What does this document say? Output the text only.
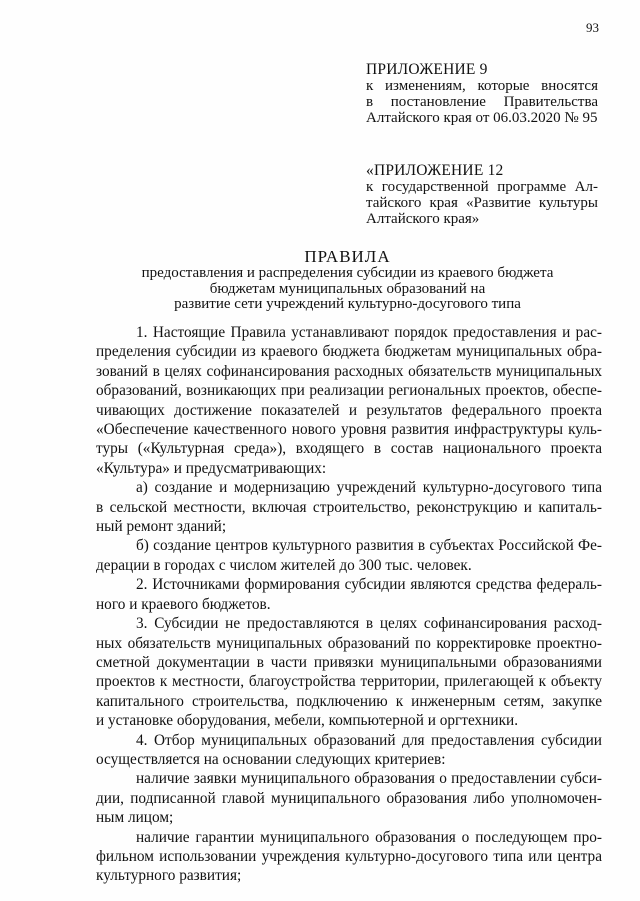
93
ПРИЛОЖЕНИЕ 9
к изменениям, которые вносятся
в постановление Правительства
Алтайского края от 06.03.2020 № 95
«ПРИЛОЖЕНИЕ 12
к государственной программе Ал-
тайского края «Развитие культуры
Алтайского края»
ПРАВИЛА
предоставления и распределения субсидии из краевого бюджета
бюджетам муниципальных образований на
развитие сети учреждений культурно-досугового типа
1. Настоящие Правила устанавливают порядок предоставления и рас-
пределения субсидии из краевого бюджета бюджетам муниципальных обра-
зований в целях софинансирования расходных обязательств муниципальных
образований, возникающих при реализации региональных проектов, обеспе-
чивающих достижение показателей и результатов федерального проекта
«Обеспечение качественного нового уровня развития инфраструктуры куль-
туры («Культурная среда»), входящего в состав национального проекта
«Культура» и предусматривающих:
а) создание и модернизацию учреждений культурно-досугового типа
в сельской местности, включая строительство, реконструкцию и капиталь-
ный ремонт зданий;
б) создание центров культурного развития в субъектах Российской Фе-
дерации в городах с числом жителей до 300 тыс. человек.
2. Источниками формирования субсидии являются средства федераль-
ного и краевого бюджетов.
3. Субсидии не предоставляются в целях софинансирования расход-
ных обязательств муниципальных образований по корректировке проектно-
сметной документации в части привязки муниципальными образованиями
проектов к местности, благоустройства территории, прилегающей к объекту
капитального строительства, подключению к инженерным сетям, закупке
и установке оборудования, мебели, компьютерной и оргтехники.
4. Отбор муниципальных образований для предоставления субсидии
осуществляется на основании следующих критериев:
наличие заявки муниципального образования о предоставлении субси-
дии, подписанной главой муниципального образования либо уполномочен-
ным лицом;
наличие гарантии муниципального образования о последующем про-
фильном использовании учреждения культурно-досугового типа или центра
культурного развития;
